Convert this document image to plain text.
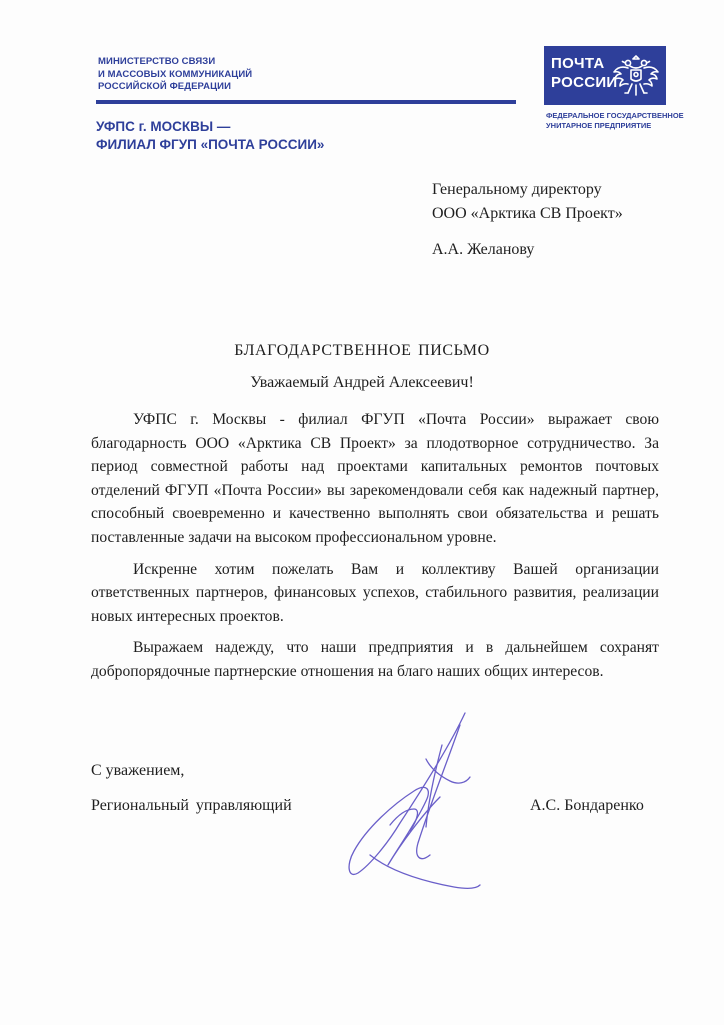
МИНИСТЕРСТВО СВЯЗИ
И МАССОВЫХ КОММУНИКАЦИЙ
РОССИЙСКОЙ ФЕДЕРАЦИИ
УФПС г. МОСКВЫ —
ФИЛИАЛ ФГУП «ПОЧТА РОССИИ»
ПОЧТА
РОССИИ
ФЕДЕРАЛЬНОЕ ГОСУДАРСТВЕННОЕ
УНИТАРНОЕ ПРЕДПРИЯТИЕ
Генеральному директору
ООО «Арктика СВ Проект»
А.А. Желанову
БЛАГОДАРСТВЕННОЕ ПИСЬМО
Уважаемый Андрей Алексеевич!

УФПС г. Москвы - филиал ФГУП «Почта России» выражает свою благодарность ООО «Арктика СВ Проект» за плодотворное сотрудничество. За период совместной работы над проектами капитальных ремонтов почтовых отделений ФГУП «Почта России» вы зарекомендовали себя как надежный партнер, способный своевременно и качественно выполнять свои обязательства и решать поставленные задачи на высоком профессиональном уровне.

Искренне хотим пожелать Вам и коллективу Вашей организации ответственных партнеров, финансовых успехов, стабильного развития, реализации новых интересных проектов.

Выражаем надежду, что наши предприятия и в дальнейшем сохранят добропорядочные партнерские отношения на благо наших общих интересов.

С уважением,
Региональный управляющий	А.С. Бондаренко
